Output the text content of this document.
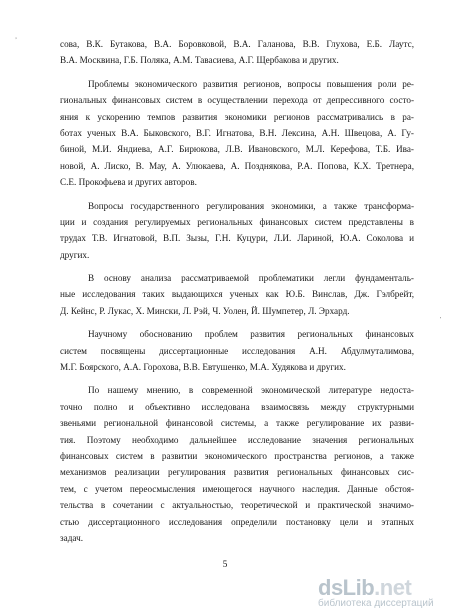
‚
'
сова, В.К. Бутакова, В.А. Боровковой, В.А. Галанова, В.В. Глухова, Е.Б. Лаутс,
В.А. Москвина, Г.Б. Поляка, А.М. Тавасиева, А.Г. Щербакова и других.
Проблемы экономического развития регионов, вопросы повышения роли ре-
гиональных финансовых систем в осуществлении перехода от депрессивного состо-
яния к ускорению темпов развития экономики регионов рассматривались в ра-
ботах ученых В.А. Быковского, В.Г. Игнатова, В.Н. Лексина, А.Н. Швецова, А. Гу-
биной, М.И. Яндиева, А.Г. Бирюкова, Л.В. Ивановского, М.Л. Керефова, Т.Б. Ива-
новой, А. Лиско, В. Мау, А. Улюкаева, А. Позднякова, Р.А. Попова, К.Х. Третнера,
С.Е. Прокофьева и других авторов.
Вопросы государственного регулирования экономики, а также трансформа-
ции и создания регулируемых региональных финансовых систем представлены в
трудах Т.В. Игнатовой, В.П. Зызы, Г.Н. Куцури, Л.И. Лариной, Ю.А. Соколова и
других.
В основу анализа рассматриваемой проблематики легли фундаменталь-
ные исследования таких выдающихся ученых как Ю.Б. Винслав, Дж. Гэлбрейт,
Д. Кейнс, Р. Лукас, Х. Мински, Л. Рэй, Ч. Уолен, Й. Шумпетер, Л. Эрхард.
Научному обоснованию проблем развития региональных финансовых
систем посвящены диссертационные исследования А.Н. Абдулмуталимова,
М.Г. Боярского, А.А. Горохова, В.В. Евтушенко, М.А. Худякова и других.
По нашему мнению, в современной экономической литературе недоста-
точно полно и объективно исследована взаимосвязь между структурными
звеньями региональной финансовой системы, а также регулирование их разви-
тия. Поэтому необходимо дальнейшее исследование значения региональных
финансовых систем в развитии экономического пространства регионов, а также
механизмов реализации регулирования развития региональных финансовых сис-
тем, с учетом переосмысления имеющегося научного наследия. Данные обстоя-
тельства в сочетании с актуальностью, теоретической и практической значимо-
стью диссертационного исследования определили постановку цели и этапных
задач.
5
dsLib.net
библиотека диссертаций
